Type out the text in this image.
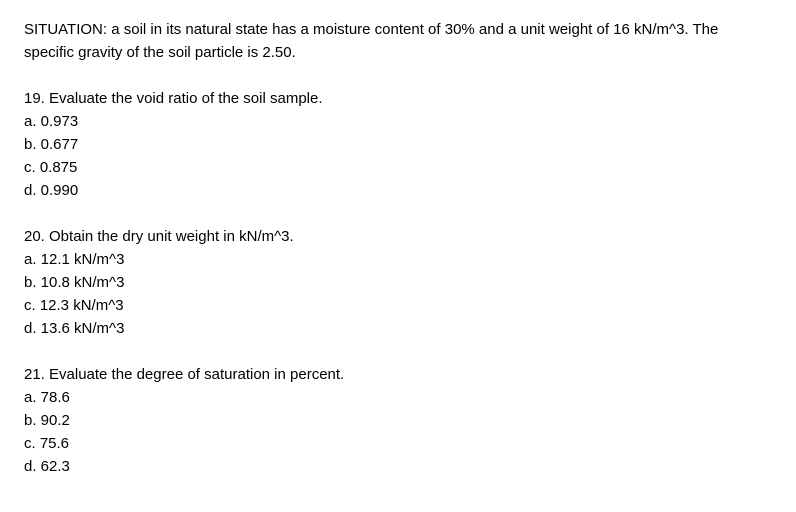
SITUATION: a soil in its natural state has a moisture content of 30% and a unit weight of 16 kN/m^3. The specific gravity of the soil particle is 2.50.

19. Evaluate the void ratio of the soil sample.

a. 0.973

b. 0.677

c. 0.875

d. 0.990

20. Obtain the dry unit weight in kN/m^3.

a. 12.1 kN/m^3

b. 10.8 kN/m^3

c. 12.3 kN/m^3

d. 13.6 kN/m^3

21. Evaluate the degree of saturation in percent.

a. 78.6

b. 90.2

c. 75.6

d. 62.3
